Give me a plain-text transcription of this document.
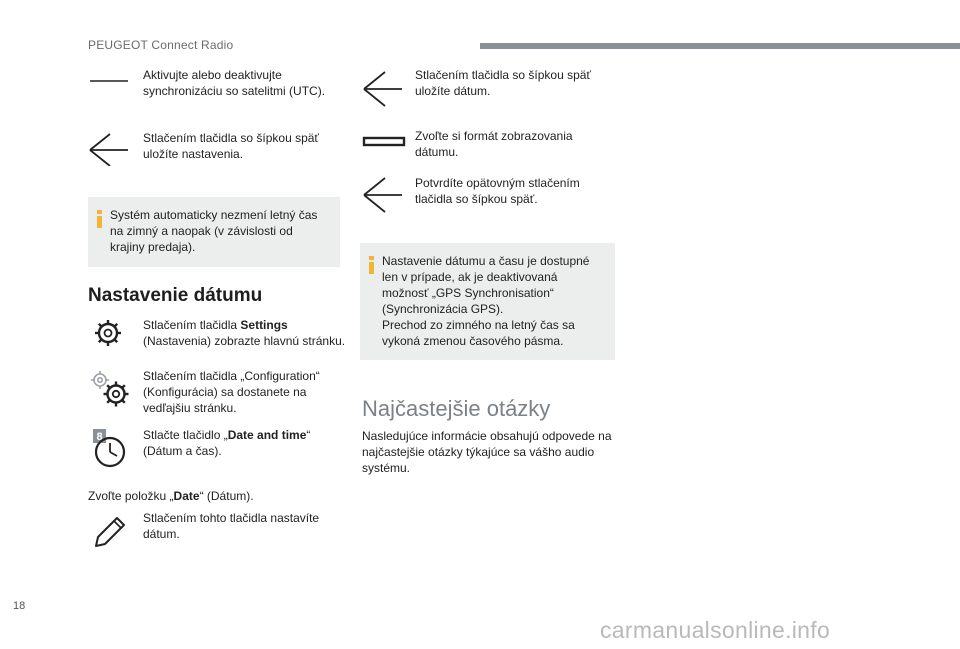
PEUGEOT Connect Radio
Aktivujte alebo deaktivujte synchronizáciu so satelitmi (UTC).
Stlačením tlačidla so šípkou späť uložíte nastavenia.
Systém automaticky nezmení letný čas na zimný a naopak (v závislosti od krajiny predaja).
Nastavenie dátumu
Stlačením tlačidla Settings (Nastavenia) zobrazte hlavnú stránku.
Stlačením tlačidla „Configuration“ (Konfigurácia) sa dostanete na vedľajšiu stránku.
8	Stlačte tlačidlo „Date and time“ (Dátum a čas).
Zvoľte položku „Date“ (Dátum).
Stlačením tohto tlačidla nastavíte dátum.
Stlačením tlačidla so šípkou späť uložíte dátum.
Zvoľte si formát zobrazovania dátumu.
Potvrdíte opätovným stlačením tlačidla so šípkou späť.
Nastavenie dátumu a času je dostupné len v prípade, ak je deaktivovaná možnosť „GPS Synchronisation“ (Synchronizácia GPS).
Prechod zo zimného na letný čas sa vykoná zmenou časového pásma.
Najčastejšie otázky
Nasledujúce informácie obsahujú odpovede na najčastejšie otázky týkajúce sa vášho audio systému.
18
carmanualsonline.info
